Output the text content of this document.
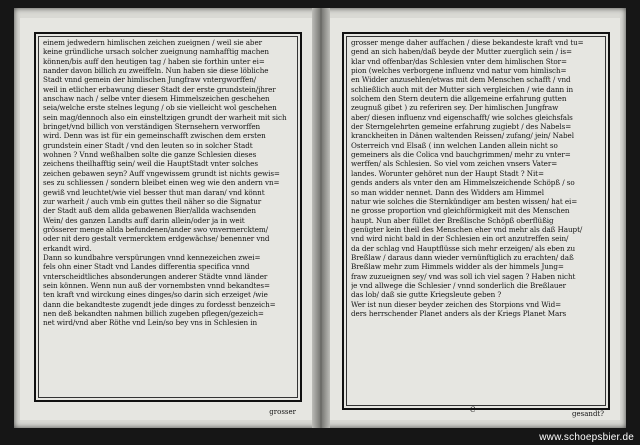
einem jedwedern himlischen zeichen zueignen / weil sie aber
keine gründliche ursach solcher zueignung namhafftig machen
können/bis auff den heutigen tag / haben sie forthin unter ei=
nander davon billich zu zweiffeln. Nun haben sie diese löbliche
Stadt vnnd gemein der himlischen Jungfraw vntergworffen/
weil in etlicher erbawung dieser Stadt der erste grundstein/jhrer
anschaw nach / selbe vnter diesem Himmelszeichen geschehen
seia/welche erste stelnes legung / ob sie vielleicht wol geschehen
sein mag/dennoch also ein einsteltzigen grundt der warheit mit sich
bringet/vnd billich von verständigen Sternsehern verworffen
wird. Denn was ist für ein gemeinschafft zwischen dem ersten
grundstein einer Stadt / vnd den leuten so in solcher Stadt
wohnen ? Vnnd weßhalben solte die ganze Schlesien dieses
zeichens theilhafftig sein/ weil die HauptStadt vnter solches
zeichen gebawen seyn? Auff vngewissem grundt ist nichts gewis=
ses zu schliessen / sondern bleibet einen weg wie den andern vn=
gewiß vnd leuchtet/wie viel besser thut man daran/ vnd könnt
zur warheit / auch vmb ein guttes theil näher so die Signatur
der Stadt auß dem allda gebawenen Bier/allda wachsenden
Wein/ des ganzen Landts auff darin allein/oder ja in weit
grösserer menge allda befundenen/ander swo vnvermercktem/
oder nit dero gestalt vermercktem erdgewächse/ benenner vnd
erkandt wird.
Dann so kundbahre verspürungen vnnd kennezeichen zwei=
fels ohn einer Stadt vnd Landes differentia specifica vnnd
vnterscheidtliches absonderungen anderer Städte vnnd länder
sein können. Wenn nun auß der vornembsten vnnd bekandtes=
ten kraft vnd wirckung eines dinges/so darin sich erzeiget /wie
dann die bekandteste zugendt jede dinges zu fordesst benzeich=
nen deß bekandten nahmen billich zugeben pflegen/gezeich=
net wird/vnd aber Röthe vnd Lein/so bey vns in Schlesien in
grosser
grosser menge daher auffachen / diese bekandeste kraft vnd tu=
gend an sich haben/daß beyde der Mutter zuerglich sein / is=
klar vnd offenbar/das Schlesien vnter dem himlischen Stor=
pion (welches verborgene influenz vnd natur vom himlisch=
en Widder anzusehlen/etwas mit dem Menschen schafft / vnd
schließlich auch mit der Mutter sich vergleichen / wie dann in
solchem den Stern deutern die allgemeine erfahrung gutten
zeugnuß gibet ) zu referiren sey. Der himlischen Jungfraw
aber/ diesen influenz vnd eigenschafft/ wie solches gleichsfals
der Sterngelehrten gemeine erfahrung zugiebt / des Nabels=
kranckheiten in Dänen waltenden Reissen/ zufang/ jein/ Nabel
Osterreich vnd Elsaß ( inn welchen Landen allein nicht so
gemeiners als die Colica vnd bauchgrimmen/ mehr zu vnter=
werffen/ als Schlesien. So viel vom zeichen vnsers Vater=
landes. Worunter gehöret nun der Haupt Stadt ? Nit=
gends anders als vnter den am Himmelszeichende Schöpß / so
so man widder nennet. Dann des Widders am Himmel
natur wie solches die Sternkündiger am besten wissen/ hat ei=
ne grosse proportion vnd gleichförmigkeit mit des Menschen
haupt. Nun aber füllet der Breßlische Schöpß oberflüßig
genügter kein theil des Menschen eher vnd mehr als daß Haupt/
vnd wird nicht bald in der Schlesien ein ort anzutreffen sein/
da der schlag vnd Hauptflüsse sich mehr erzeigen/ als eben zu
Breßlaw / daraus dann wieder vernünftiglich zu erachten/ daß
Breßlaw mehr zum Himmels widder als der himmels Jung=
fraw zuzueignen sey/ vnd was soll ich viel sagen ? Haben nicht
je vnd allwege die Schlesier / vnnd sonderlich die Breßlauer
das lob/ daß sie gutte Kriegsleute geben ?
Wer ist nun dieser beyder zeichen des Storpions vnd Wid=
ders herrschender Planet anders als der Kriegs Planet Mars
C	gesandt?
www.schoepsbier.de
